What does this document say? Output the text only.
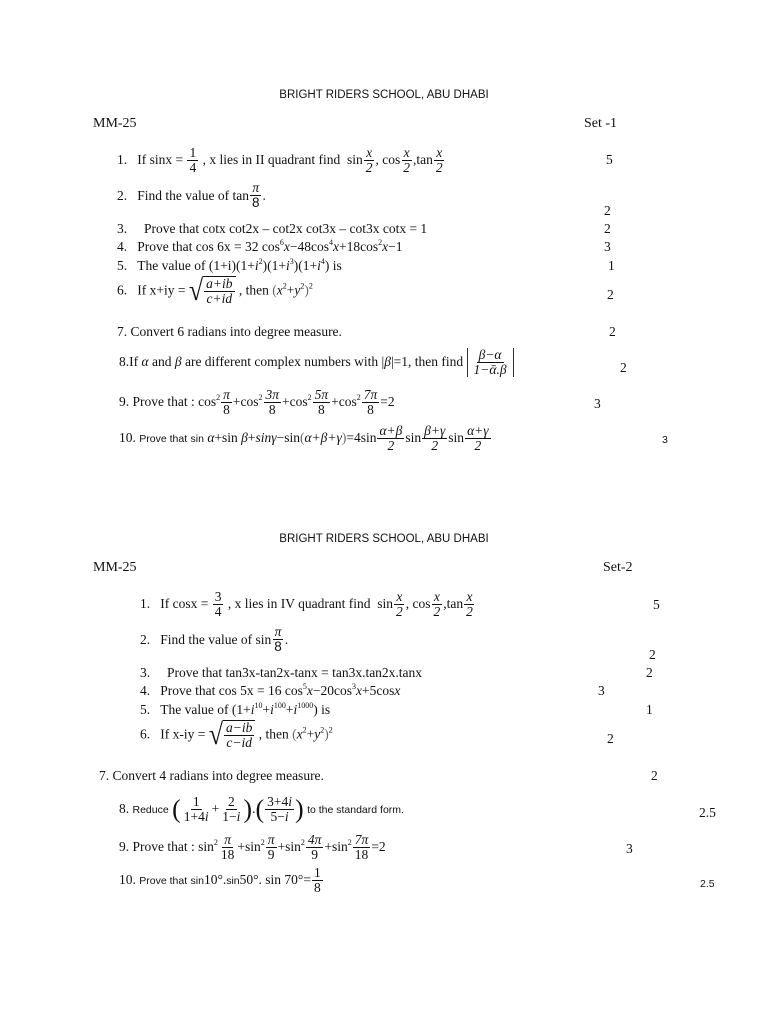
BRIGHT RIDERS SCHOOL, ABU DHABI
MM-25	Set -1
1. If $\sin x = \frac{1}{4}$ , x lies in II quadrant find  $\sin \frac{x}{2}$ , $\cos \frac{x}{2} ,\tan \frac{x}{2}$	5
2. Find the value of $\tan \frac{\pi}{8}$ .
2
3. Prove that cotx cot2x – cot2x cot3x – cot3x cotx = 1	2
4. Prove that cos 6x = 32 $\cos^6x-48\cos^4x+18\cos^2x-1$	3
5. The value of $(1+i)(1+i^2)(1+i^3)(1+i^4)$ is	1
6. If x+iy = √ $\frac{a+ib}{c+id}$ , then $(x^2+y^2)^2$
2
7. Convert 6 radians into degree measure.	2
8.If α and β are different complex numbers with |β|=1, then find $\frac{\beta-\alpha}{\text{1−ᾱ.β}}$	2
9. Prove that : $\cos^2 \frac{\pi}{8} +\cos^2 \frac{3\pi}{8} +\cos^2 \frac{5\pi}{8} +\cos^2 \frac{7\pi}{8} =2$	3
10. Prove that sin α+sin $\beta+\sin\gamma-\sin(\alpha+\beta+\gamma)=4\sin \frac{\alpha+\beta}{2}$ $\sin \frac{\beta+\gamma}{2}$ $\sin \frac{\alpha+\gamma}{2}$	3
BRIGHT RIDERS SCHOOL, ABU DHABI
MM-25	Set-2
1. If $\cos x = \frac{3}{4}$ , x lies in IV quadrant find  $\sin \frac{x}{2}$ , $\cos \frac{x}{2} ,\tan \frac{x}{2}$	5
2. Find the value of $\sin \frac{\pi}{8}$ .
2
3. Prove that tan3x-tan2x-tanx = tan3x.tan2x.tanx	2
4. Prove that cos 5x = 16 $\cos^5x-20\cos^3x+5\cos x$	3
5. The value of $(1+i^{10}+i^{100}+i^{1000})$ is	1
6.   If x-iy = √ $\frac{a-ib}{c-id}$ , then $(x^2+y^2)^2$
2
7. Convert 4 radians into degree measure.	2
8. Reduce ( $\frac{1}{1+4i} + \frac{2}{1-i}$ ).( $\frac{3+4i}{5-i}$ ) to the standard form.	2.5
9. Prove that : $\sin^2 \frac{\pi}{18} +\sin^2 \frac{\pi}{9} +\sin^2 \frac{4\pi}{9} +\sin^2 \frac{7\pi}{18} =2$	3
10. Prove that sin10°.sin50°. $\sin 70^\circ= \frac{1}{8}$	2.5
